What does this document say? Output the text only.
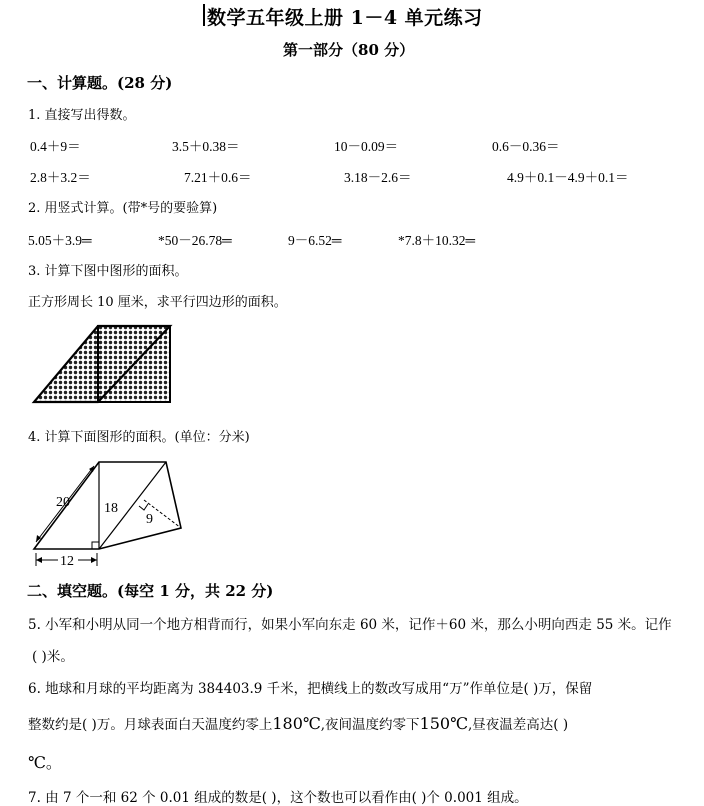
数学五年级上册 1－4 单元练习
第一部分（80 分）
一、计算题。(28 分)
1. 直接写出得数。
0.4＋9＝	3.5＋0.38＝	10－0.09＝	0.6－0.36＝
2.8＋3.2＝	7.21＋0.6＝	3.18－2.6＝	4.9＋0.1－4.9＋0.1＝
2. 用竖式计算。(带*号的要验算)
5.05＋3.9═	*50－26.78═	9－6.52═	*7.8＋10.32═
3. 计算下图中图形的面积。
正方形周长 10 厘米，求平行四边形的面积。
4. 计算下面图形的面积。(单位：分米)
20 18
9
12
二、填空题。(每空 1 分，共 22 分)
5. 小军和小明从同一个地方相背而行，如果小军向东走 60 米，记作＋60 米，那么小明向西走 55 米。记作
( )米。
6. 地球和月球的平均距离为 384403.9 千米，把横线上的数改写成用“万”作单位是( )万，保留
整数约是( )万。月球表面白天温度约零上180℃,夜间温度约零下150℃,昼夜温差高达( )
℃。
7. 由 7 个一和 62 个 0.01 组成的数是( )，这个数也可以看作由( )个 0.001 组成。
